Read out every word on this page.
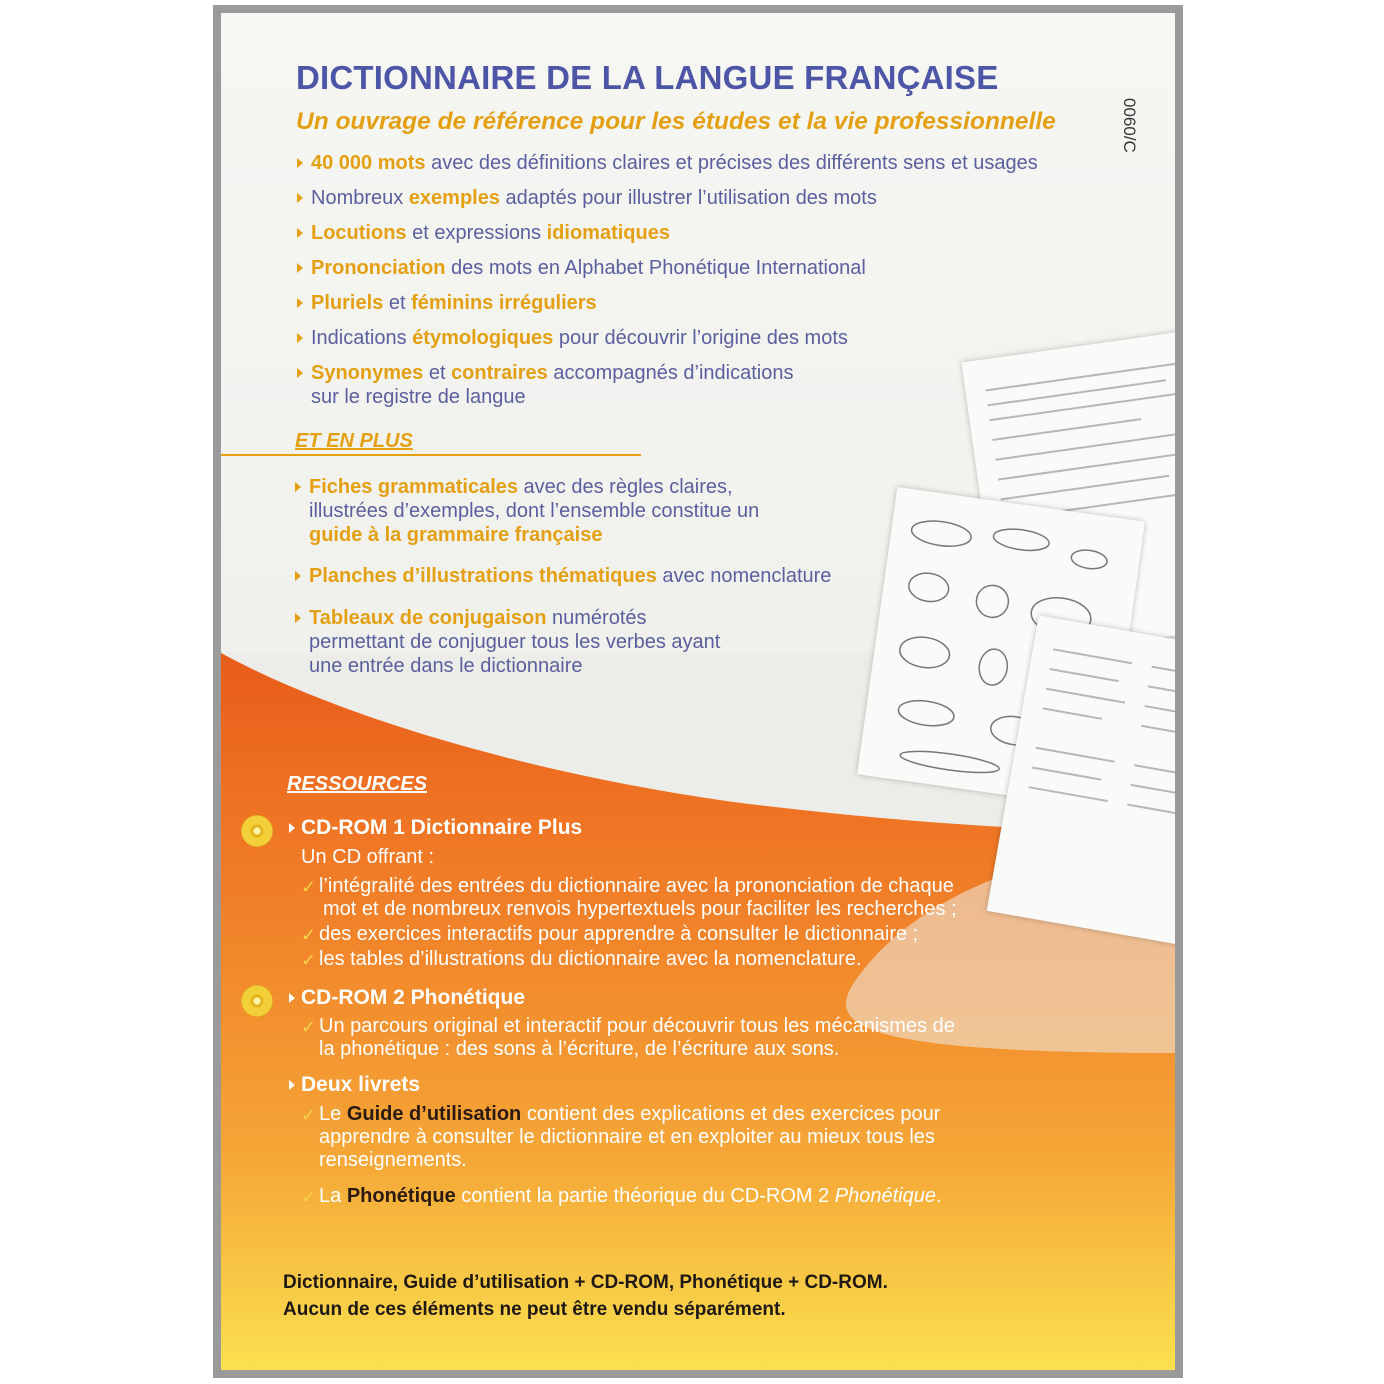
DICTIONNAIRE DE LA LANGUE FRANÇAISE
Un ouvrage de référence pour les études et la vie professionnelle	0060/C
40 000 mots avec des définitions claires et précises des différents sens et usages
Nombreux exemples adaptés pour illustrer l’utilisation des mots
Locutions et expressions idiomatiques
Prononciation des mots en Alphabet Phonétique International
Pluriels et féminins irréguliers
Indications étymologiques pour découvrir l’origine des mots
Synonymes et contraires accompagnés d’indications
sur le registre de langue
ET EN PLUS
Fiches grammaticales avec des règles claires,
illustrées d’exemples, dont l’ensemble constitue un
guide à la grammaire française
Planches d’illustrations thématiques avec nomenclature
Tableaux de conjugaison numérotés
permettant de conjuguer tous les verbes ayant
une entrée dans le dictionnaire
RESSOURCES
CD-ROM 1 Dictionnaire Plus
Un CD offrant :
✓ l’intégralité des entrées du dictionnaire avec la prononciation de chaque
mot et de nombreux renvois hypertextuels pour faciliter les recherches ;
✓ des exercices interactifs pour apprendre à consulter le dictionnaire ;
✓ les tables d’illustrations du dictionnaire avec la nomenclature.
CD-ROM 2 Phonétique
✓ Un parcours original et interactif pour découvrir tous les mécanismes de
la phonétique : des sons à l’écriture, de l’écriture aux sons.
Deux livrets
✓ Le Guide d’utilisation contient des explications et des exercices pour
apprendre à consulter le dictionnaire et en exploiter au mieux tous les
renseignements.
✓ La Phonétique contient la partie théorique du CD-ROM 2 Phonétique.
Dictionnaire, Guide d’utilisation + CD-ROM, Phonétique + CD-ROM.
Aucun de ces éléments ne peut être vendu séparément.
